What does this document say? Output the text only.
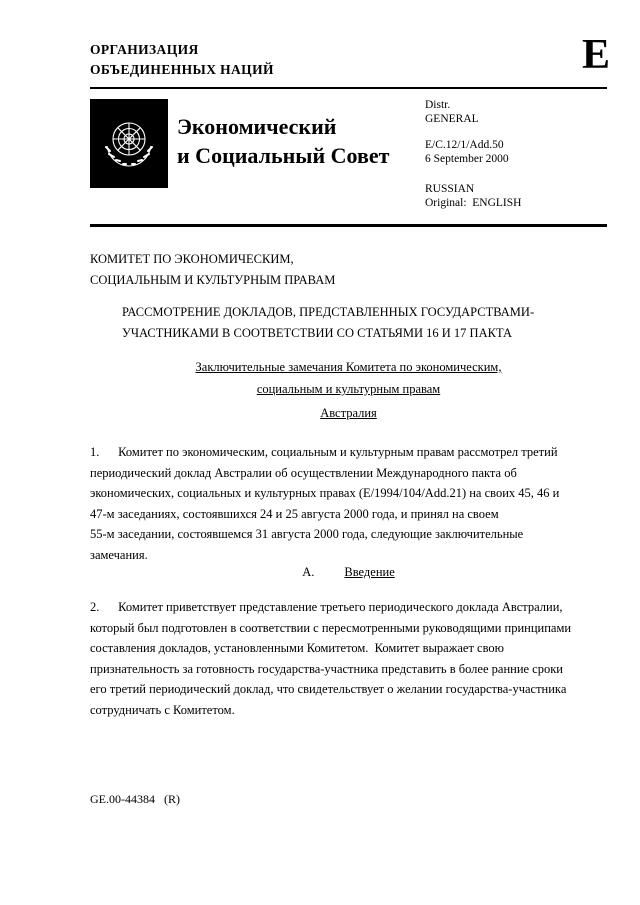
ОРГАНИЗАЦИЯ
ОБЪЕДИНЕННЫХ НАЦИЙ	E
Экономический
и Социальный Совет
Distr.
GENERAL
E/C.12/1/Add.50
6 September 2000
RUSSIAN
Original:  ENGLISH
КОМИТЕТ ПО ЭКОНОМИЧЕСКИМ,
СОЦИАЛЬНЫМ И КУЛЬТУРНЫМ ПРАВАМ
РАССМОТРЕНИЕ ДОКЛАДОВ, ПРЕДСТАВЛЕННЫХ ГОСУДАРСТВАМИ-
УЧАСТНИКАМИ В СООТВЕТСТВИИ СО СТАТЬЯМИ 16 И 17 ПАКТА
Заключительные замечания Комитета по экономическим,
социальным и культурным правам
Австралия
1.      Комитет по экономическим, социальным и культурным правам рассмотрел третий
периодический доклад Австралии об осуществлении Международного пакта об
экономических, социальных и культурных правах (E/1994/104/Add.21) на своих 45, 46 и
47-м заседаниях, состоявшихся 24 и 25 августа 2000 года, и принял на своем
55-м заседании, состоявшемся 31 августа 2000 года, следующие заключительные
замечания.
A. Введение
2.      Комитет приветствует представление третьего периодического доклада Австралии,
который был подготовлен в соответствии с пересмотренными руководящими принципами
составления докладов, установленными Комитетом.  Комитет выражает свою
признательность за готовность государства-участника представить в более ранние сроки
его третий периодический доклад, что свидетельствует о желании государства-участника
сотрудничать с Комитетом.
GE.00-44384   (R)
